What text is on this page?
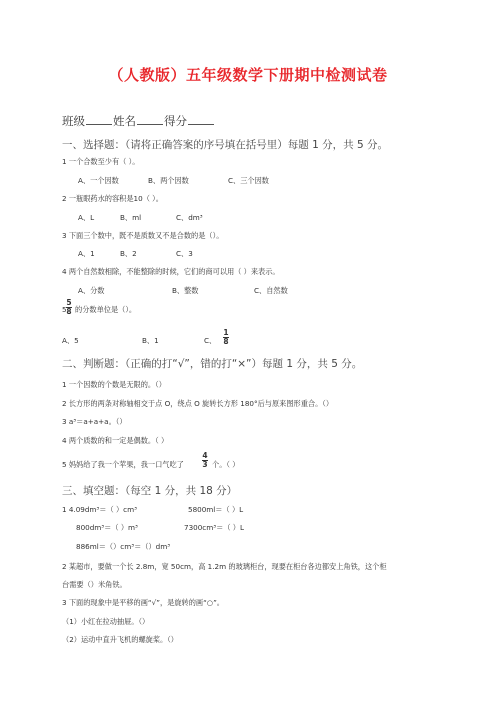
（人教版）五年级数学下册期中检测试卷
班级 姓名 得分
一、选择题：（请将正确答案的序号填在括号里）每题 1 分，共 5 分。
1 一个合数至少有（ ）。
A、一个因数	B、两个因数	C、三个因数
2 一瓶眼药水的容积是10（ ）。
A、L	B、ml	C、dm³
3 下面三个数中，既不是质数又不是合数的是（）。
A、1	B、2	C、3
4 两个自然数相除，不能整除的时候，它们的商可以用（ ）来表示。
A、分数	B、整数	C、自然数
5
5
8 的分数单位是（）。
A、5	B、1	C、
1
8
二、判断题：（正确的打“√”，错的打“×”）每题 1 分，共 5 分。
1 一个因数的个数是无限的。（）
2 长方形的两条对称轴相交于点 O，绕点 O 旋转长方形 180°后与原来图形重合。（）
3 a³＝a+a+a。（）
4 两个质数的和一定是偶数。（ ）
5 妈妈给了我一个苹果，我一口气吃了
4
3 个。（ ）
三、填空题：（每空 1 分，共 18 分）
1 4.09dm³＝（ ）cm³	5800ml＝（ ）L
800dm³＝（ ）m³	7300cm³＝（ ）L
886ml＝（）cm³＝（）dm³
2 某超市，要做一个长 2.8m，宽 50cm，高 1.2m 的玻璃柜台，现要在柜台各边都安上角铁，这个柜
台需要（）米角铁。
3 下面的现象中是平移的画“√”，是旋转的画“○”。
（1）小红在拉动抽屉。（）
（2）运动中直升飞机的螺旋桨。（）
